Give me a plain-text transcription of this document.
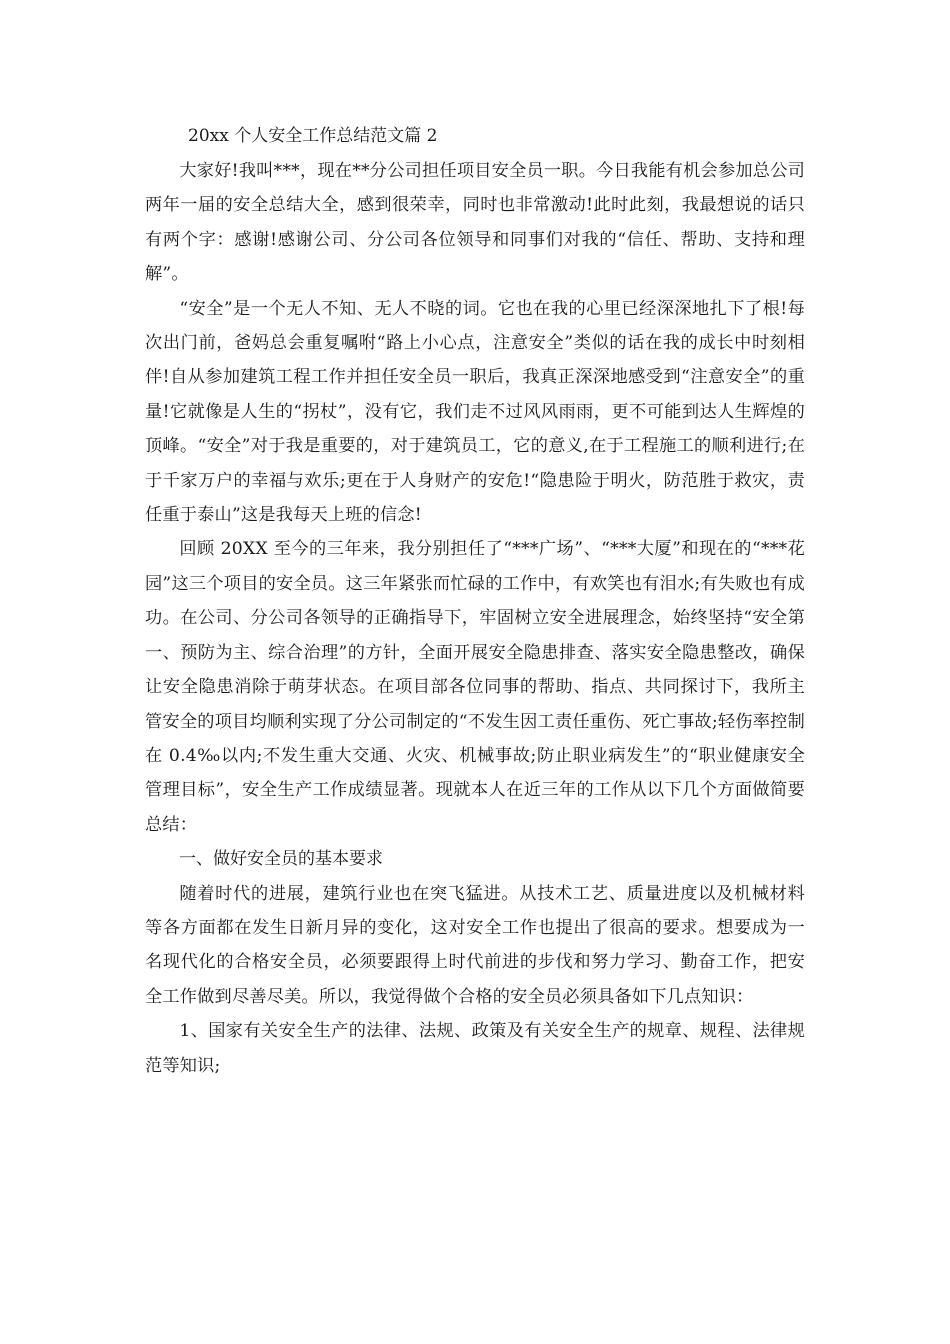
20xx 个人安全工作总结范文篇 2

大家好!我叫***，现在**分公司担任项目安全员一职。今日我能有机会参加总公司两年一届的安全总结大全，感到很荣幸，同时也非常激动!此时此刻，我最想说的话只有两个字：感谢!感谢公司、分公司各位领导和同事们对我的“信任、帮助、支持和理解”。

“安全”是一个无人不知、无人不晓的词。它也在我的心里已经深深地扎下了根!每次出门前，爸妈总会重复嘱咐“路上小心点，注意安全”类似的话在我的成长中时刻相伴!自从参加建筑工程工作并担任安全员一职后，我真正深深地感受到“注意安全”的重量!它就像是人生的“拐杖”，没有它，我们走不过风风雨雨，更不可能到达人生辉煌的顶峰。“安全”对于我是重要的，对于建筑员工，它的意义,在于工程施工的顺利进行;在于千家万户的幸福与欢乐;更在于人身财产的安危!“隐患险于明火，防范胜于救灾，责任重于泰山”这是我每天上班的信念!

回顾 20XX 至今的三年来，我分别担任了“***广场”、“***大厦”和现在的“***花园”这三个项目的安全员。这三年紧张而忙碌的工作中，有欢笑也有泪水;有失败也有成功。在公司、分公司各领导的正确指导下，牢固树立安全进展理念，始终坚持“安全第一、预防为主、综合治理”的方针，全面开展安全隐患排查、落实安全隐患整改，确保让安全隐患消除于萌芽状态。在项目部各位同事的帮助、指点、共同探讨下，我所主管安全的项目均顺利实现了分公司制定的“不发生因工责任重伤、死亡事故;轻伤率控制在 0.4‰以内;不发生重大交通、火灾、机械事故;防止职业病发生”的“职业健康安全管理目标”，安全生产工作成绩显著。现就本人在近三年的工作从以下几个方面做简要总结：

一、做好安全员的基本要求

随着时代的进展，建筑行业也在突飞猛进。从技术工艺、质量进度以及机械材料等各方面都在发生日新月异的变化，这对安全工作也提出了很高的要求。想要成为一名现代化的合格安全员，必须要跟得上时代前进的步伐和努力学习、勤奋工作，把安全工作做到尽善尽美。所以，我觉得做个合格的安全员必须具备如下几点知识：

1、国家有关安全生产的法律、法规、政策及有关安全生产的规章、规程、法律规范等知识;
